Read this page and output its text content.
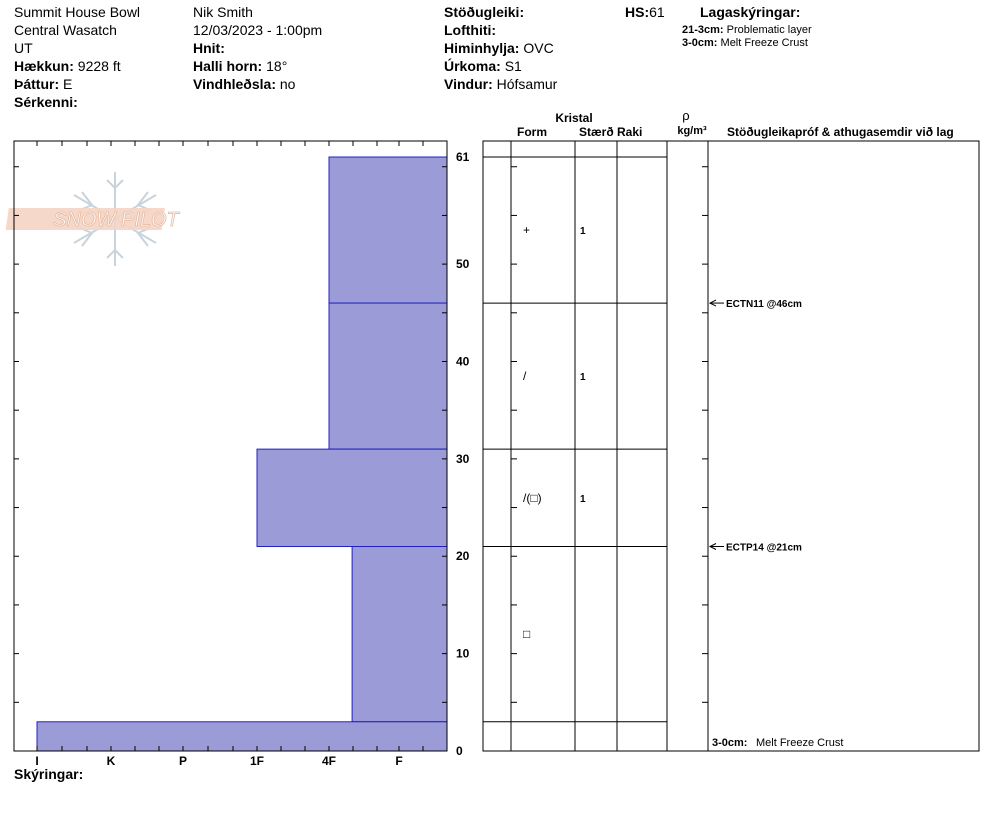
Summit House Bowl
Central Wasatch
UT
Hækkun: 9228 ft
Þáttur: E
Sérkenni:
Nik Smith
12/03/2023 - 1:00pm
Hnit:
Halli horn: 18°
Vindhleðsla: no
Stöðugleiki:
Lofthiti:
Himinhylja: OVC
Úrkoma: S1
Vindur: Hófsamur
HS:61	Lagaskýringar:
21-3cm: Problematic layer
3-0cm: Melt Freeze Crust
SNOW PILOT
I	K	P	1F	4F	F
0
10
20
30
40
50
61
+	1
/	1
/(□)	1
□
ECTN11 @46cm
ECTP14 @21cm
Kristal
Form	Stærð Raki
ρ
kg/m³ Stöðugleikapróf & athugasemdir við lag
3-0cm: Melt Freeze Crust
Skýringar:
